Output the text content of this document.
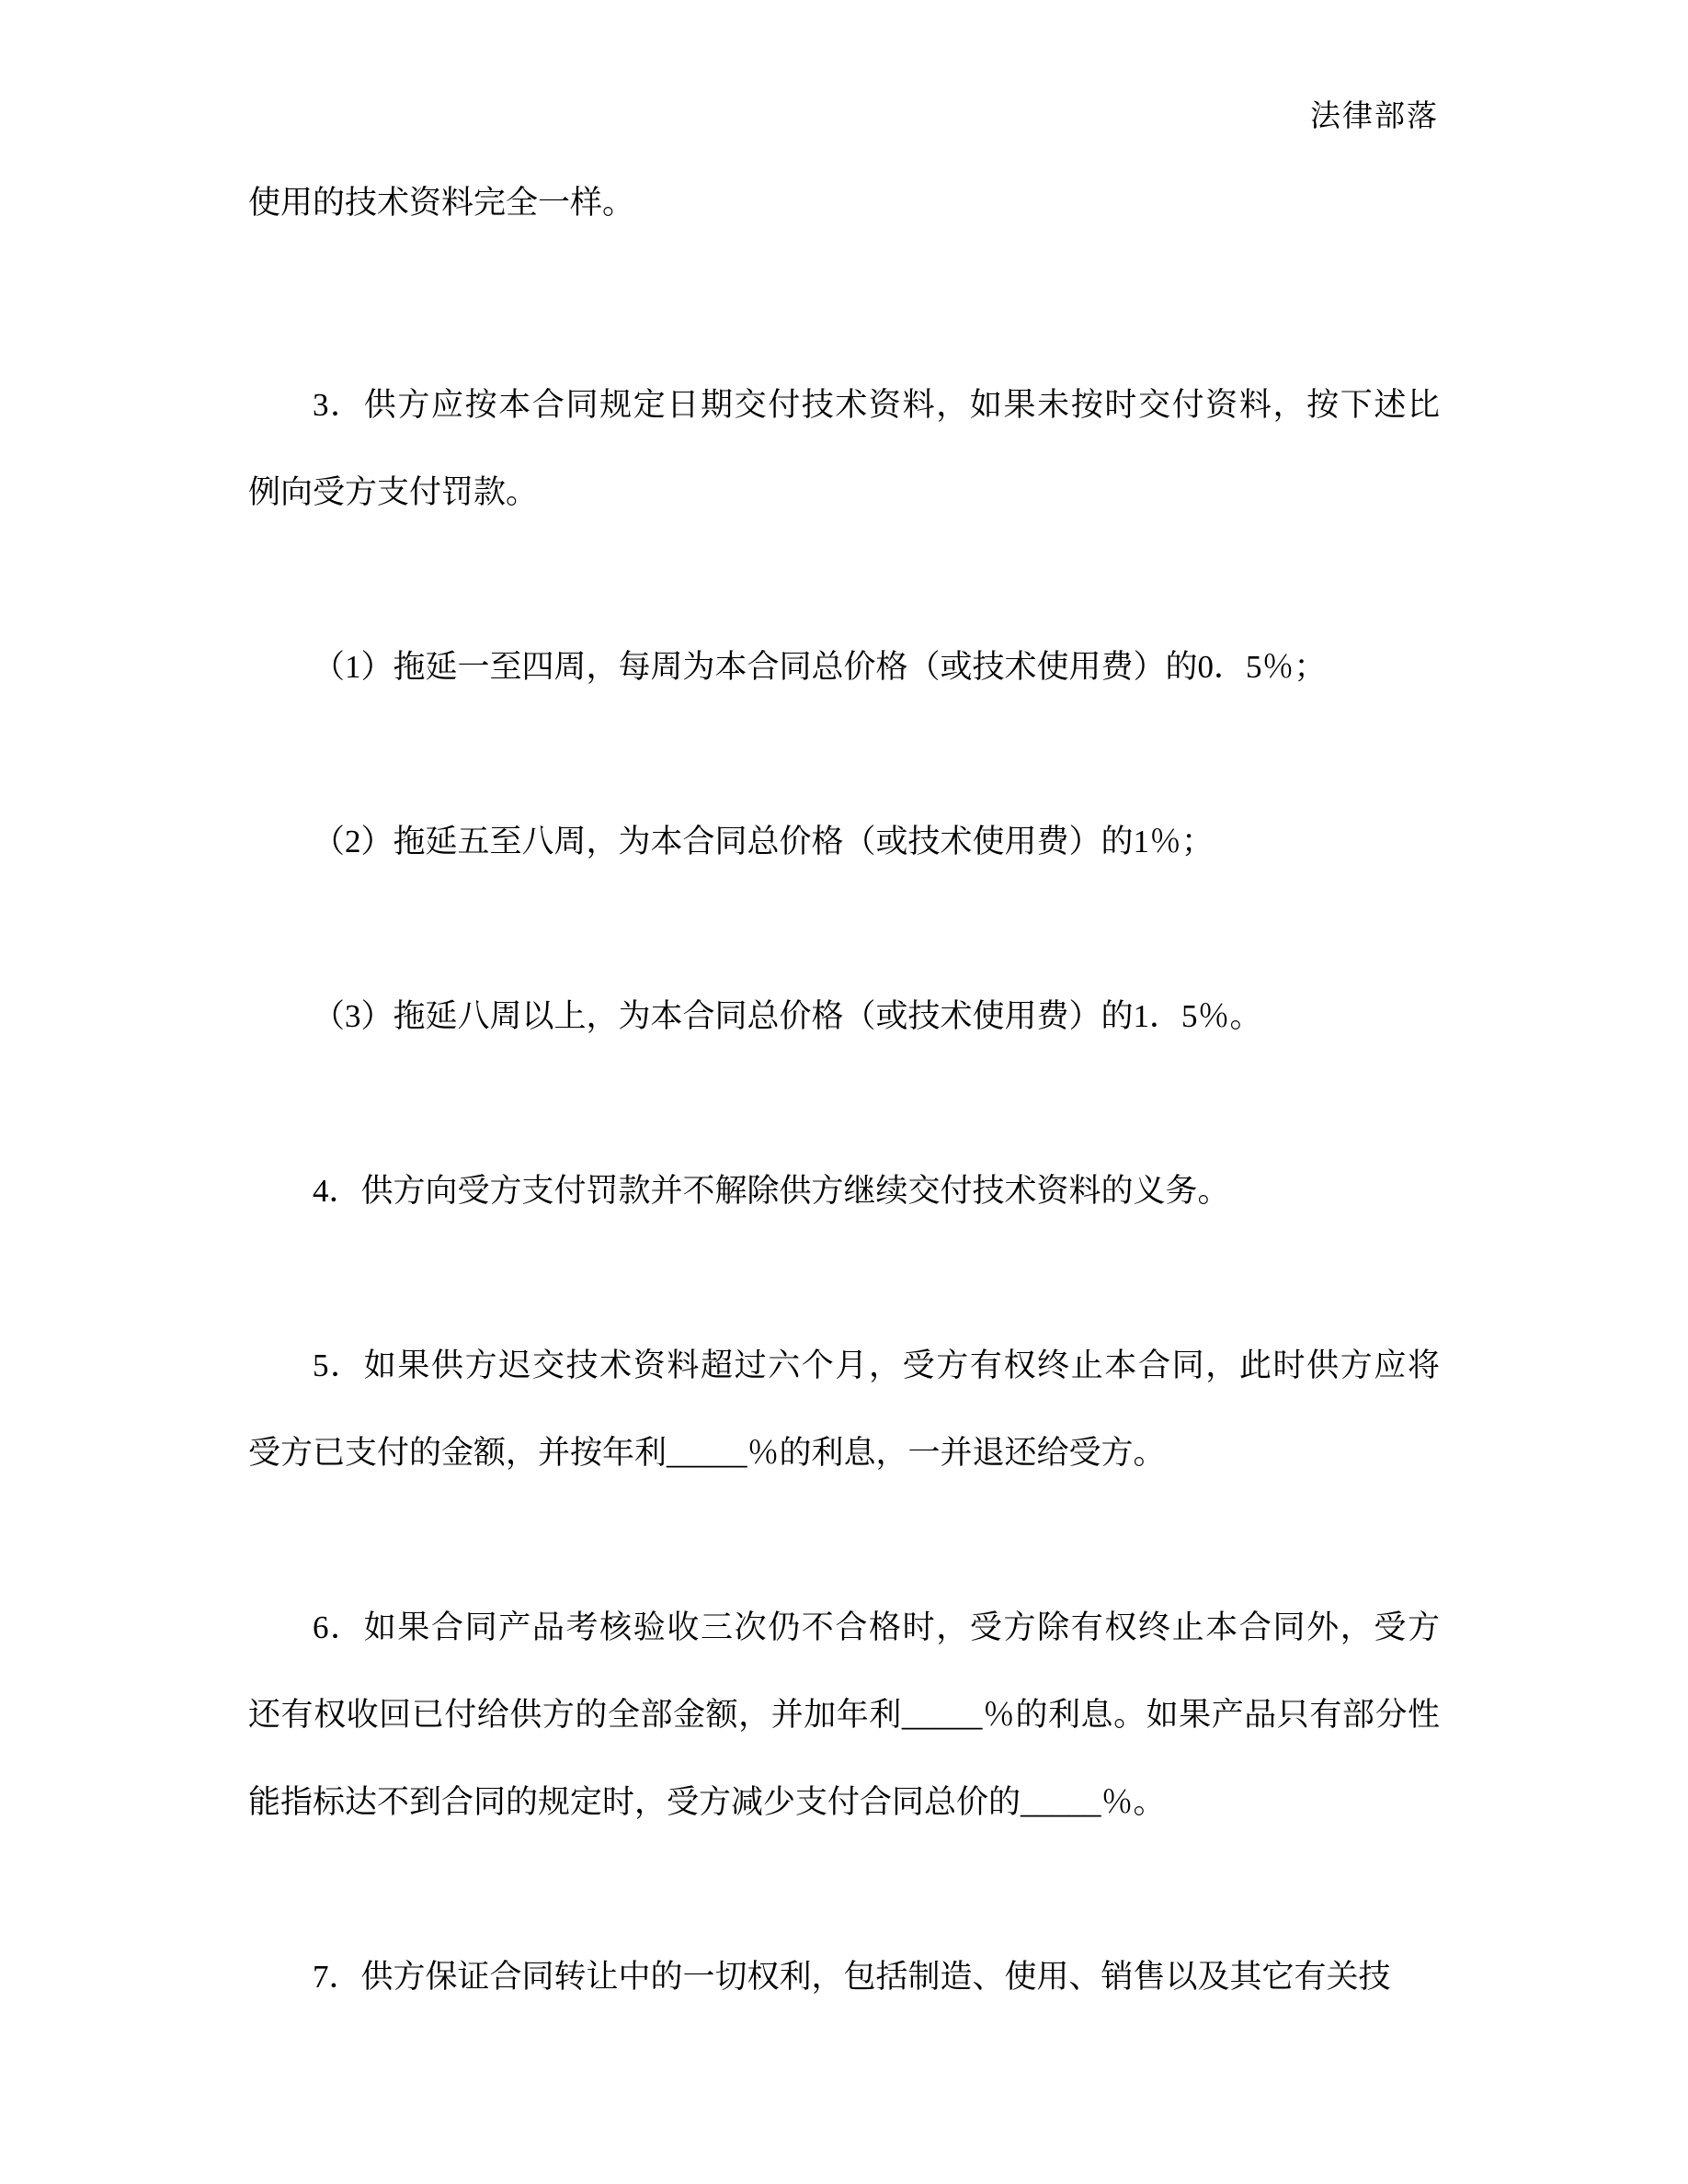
法律部落
使用的技术资料完全一样。
3．供方应按本合同规定日期交付技术资料，如果未按时交付资料，按下述比
例向受方支付罚款。
（1）拖延一至四周，每周为本合同总价格（或技术使用费）的0．5％；
（2）拖延五至八周，为本合同总价格（或技术使用费）的1％；
（3）拖延八周以上，为本合同总价格（或技术使用费）的1．5％。
4．供方向受方支付罚款并不解除供方继续交付技术资料的义务。
5．如果供方迟交技术资料超过六个月，受方有权终止本合同，此时供方应将
受方已支付的金额，并按年利_____％的利息，一并退还给受方。
6．如果合同产品考核验收三次仍不合格时，受方除有权终止本合同外，受方
还有权收回已付给供方的全部金额，并加年利_____％的利息。如果产品只有部分性
能指标达不到合同的规定时，受方减少支付合同总价的_____％。
7．供方保证合同转让中的一切权利，包括制造、使用、销售以及其它有关技
